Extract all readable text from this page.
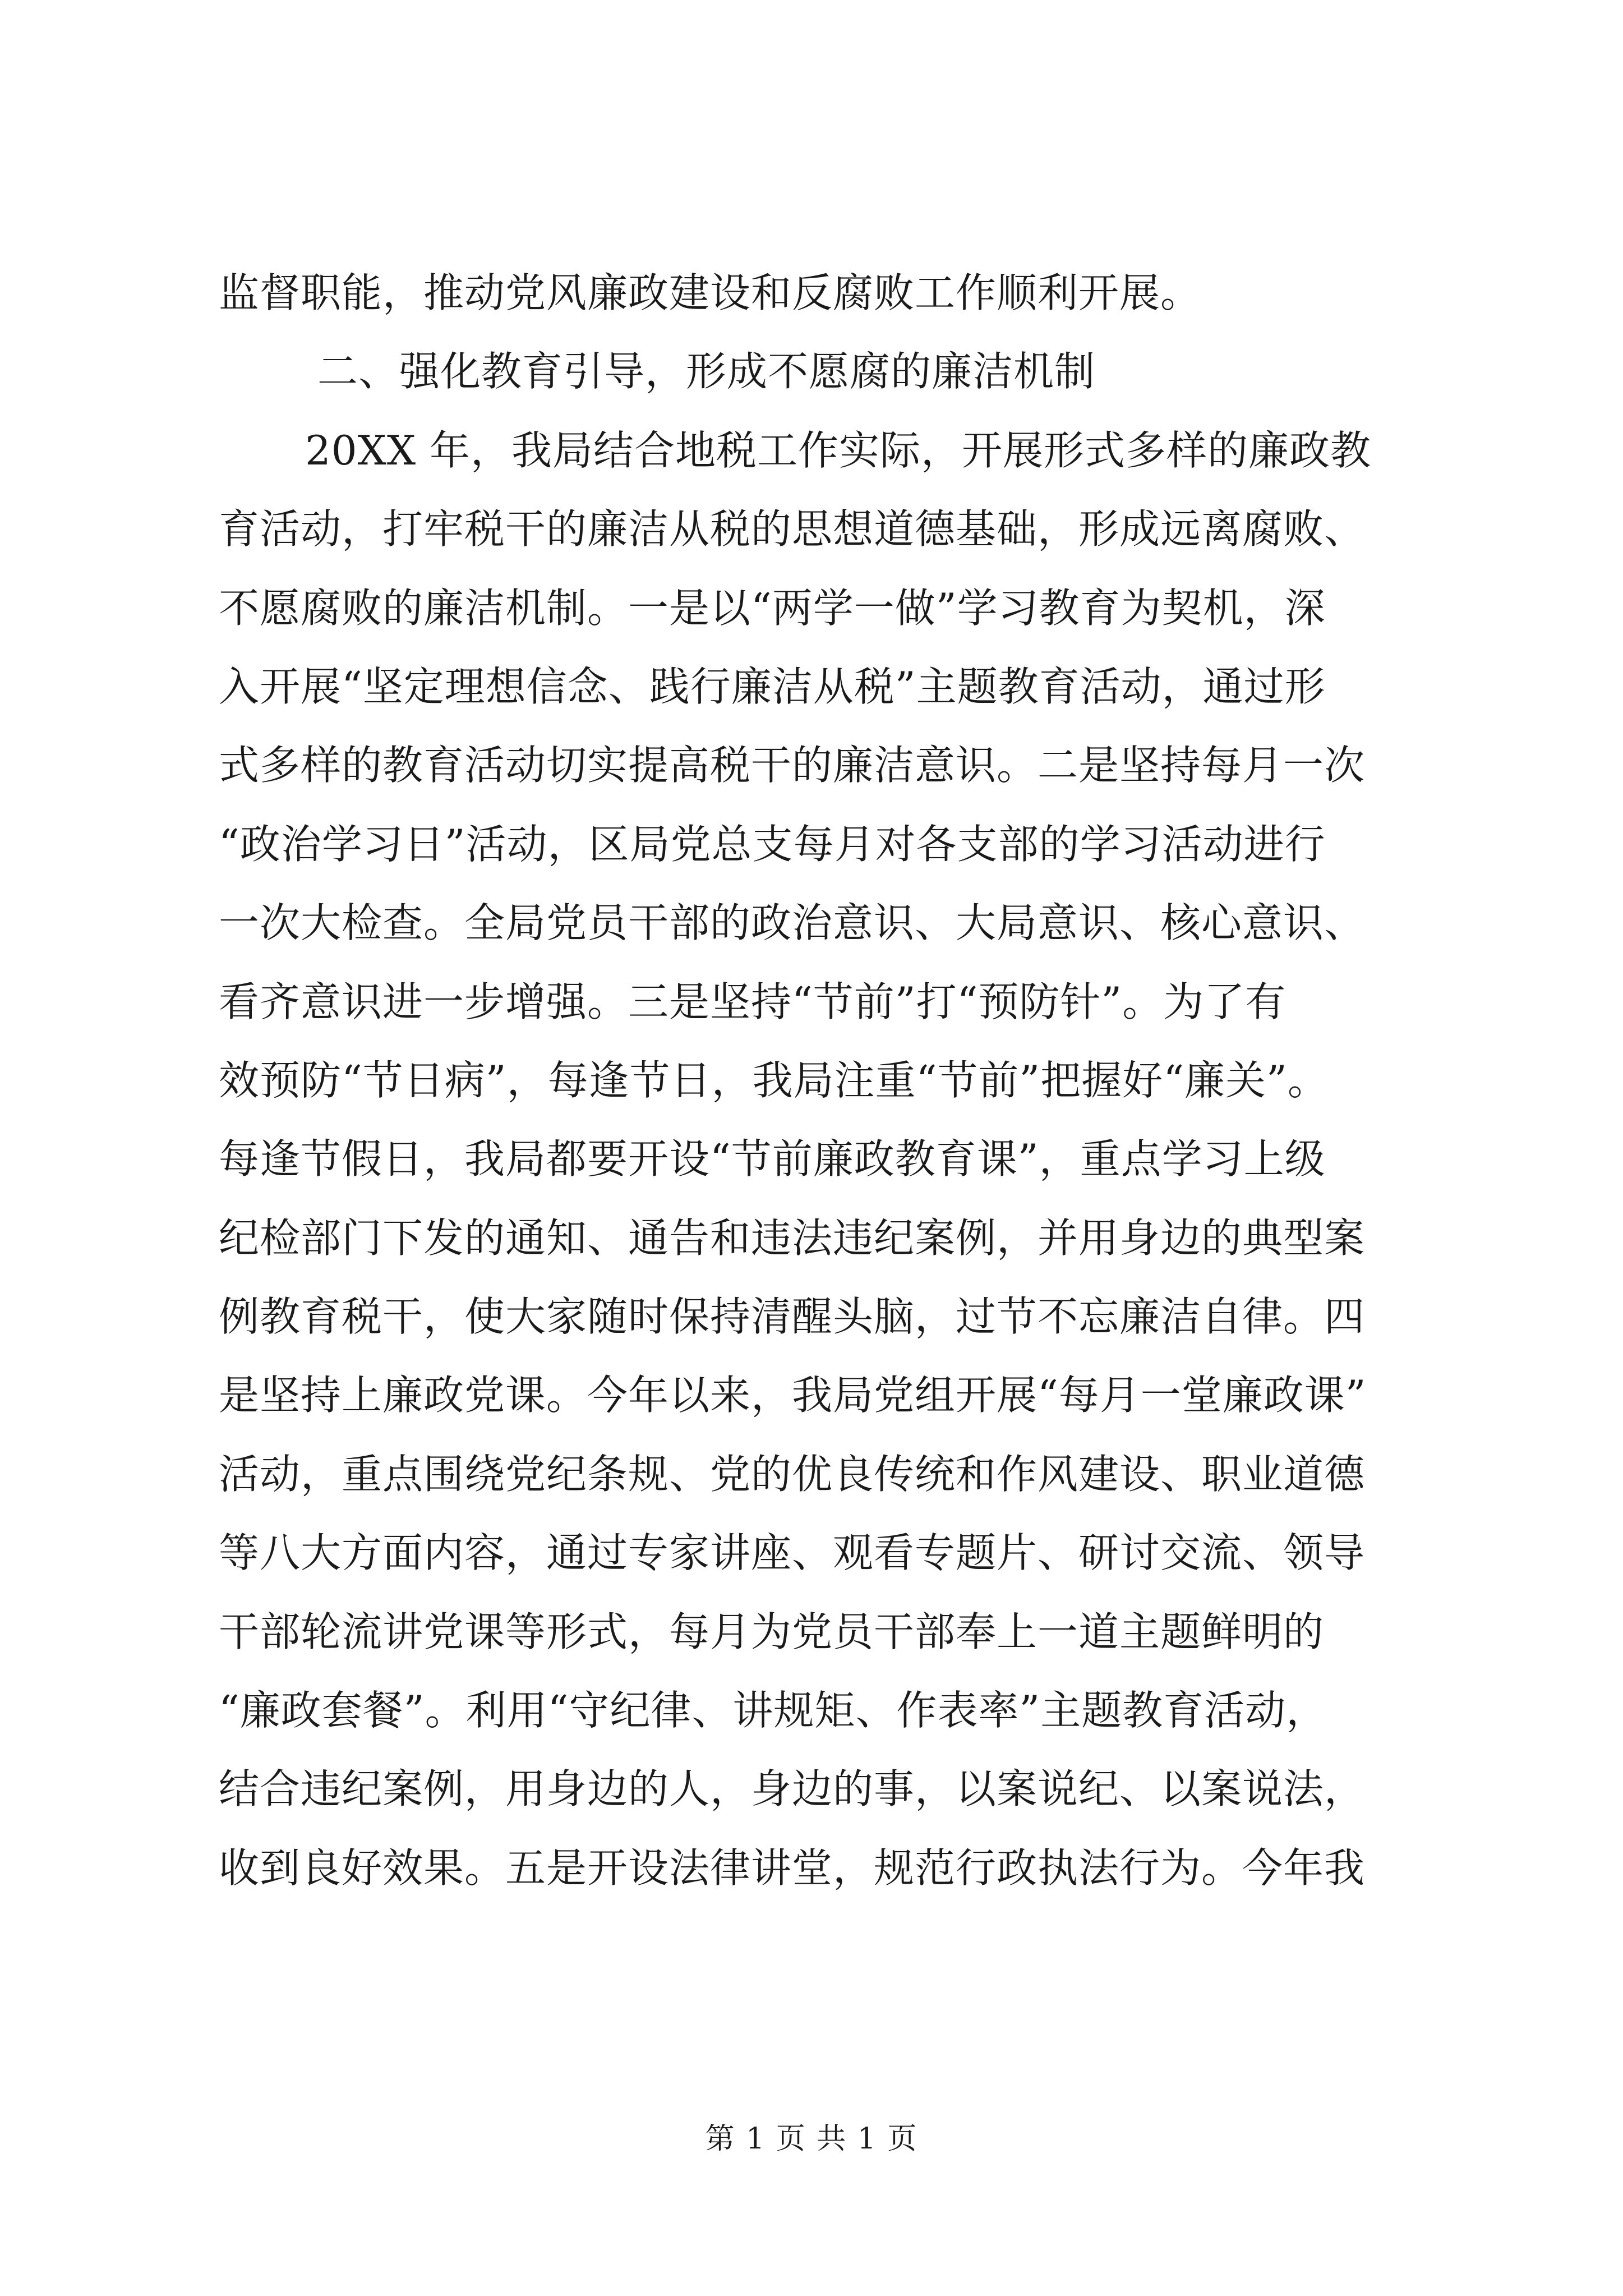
监督职能，推动党风廉政建设和反腐败工作顺利开展。
二、强化教育引导，形成不愿腐的廉洁机制
20XX 年，我局结合地税工作实际，开展形式多样的廉政教
育活动，打牢税干的廉洁从税的思想道德基础，形成远离腐败、
不愿腐败的廉洁机制。一是以“两学一做”学习教育为契机，深
入开展“坚定理想信念、践行廉洁从税”主题教育活动，通过形
式多样的教育活动切实提高税干的廉洁意识。二是坚持每月一次
“政治学习日”活动，区局党总支每月对各支部的学习活动进行
一次大检查。全局党员干部的政治意识、大局意识、核心意识、
看齐意识进一步增强。三是坚持“节前”打“预防针”。为了有
效预防“节日病”，每逢节日，我局注重“节前”把握好“廉关”。
每逢节假日，我局都要开设“节前廉政教育课”，重点学习上级
纪检部门下发的通知、通告和违法违纪案例，并用身边的典型案
例教育税干，使大家随时保持清醒头脑，过节不忘廉洁自律。四
是坚持上廉政党课。今年以来，我局党组开展“每月一堂廉政课”
活动，重点围绕党纪条规、党的优良传统和作风建设、职业道德
等八大方面内容，通过专家讲座、观看专题片、研讨交流、领导
干部轮流讲党课等形式，每月为党员干部奉上一道主题鲜明的
“廉政套餐”。利用“守纪律、讲规矩、作表率”主题教育活动，
结合违纪案例，用身边的人，身边的事，以案说纪、以案说法，
收到良好效果。五是开设法律讲堂，规范行政执法行为。今年我
第 1 页 共 1 页
